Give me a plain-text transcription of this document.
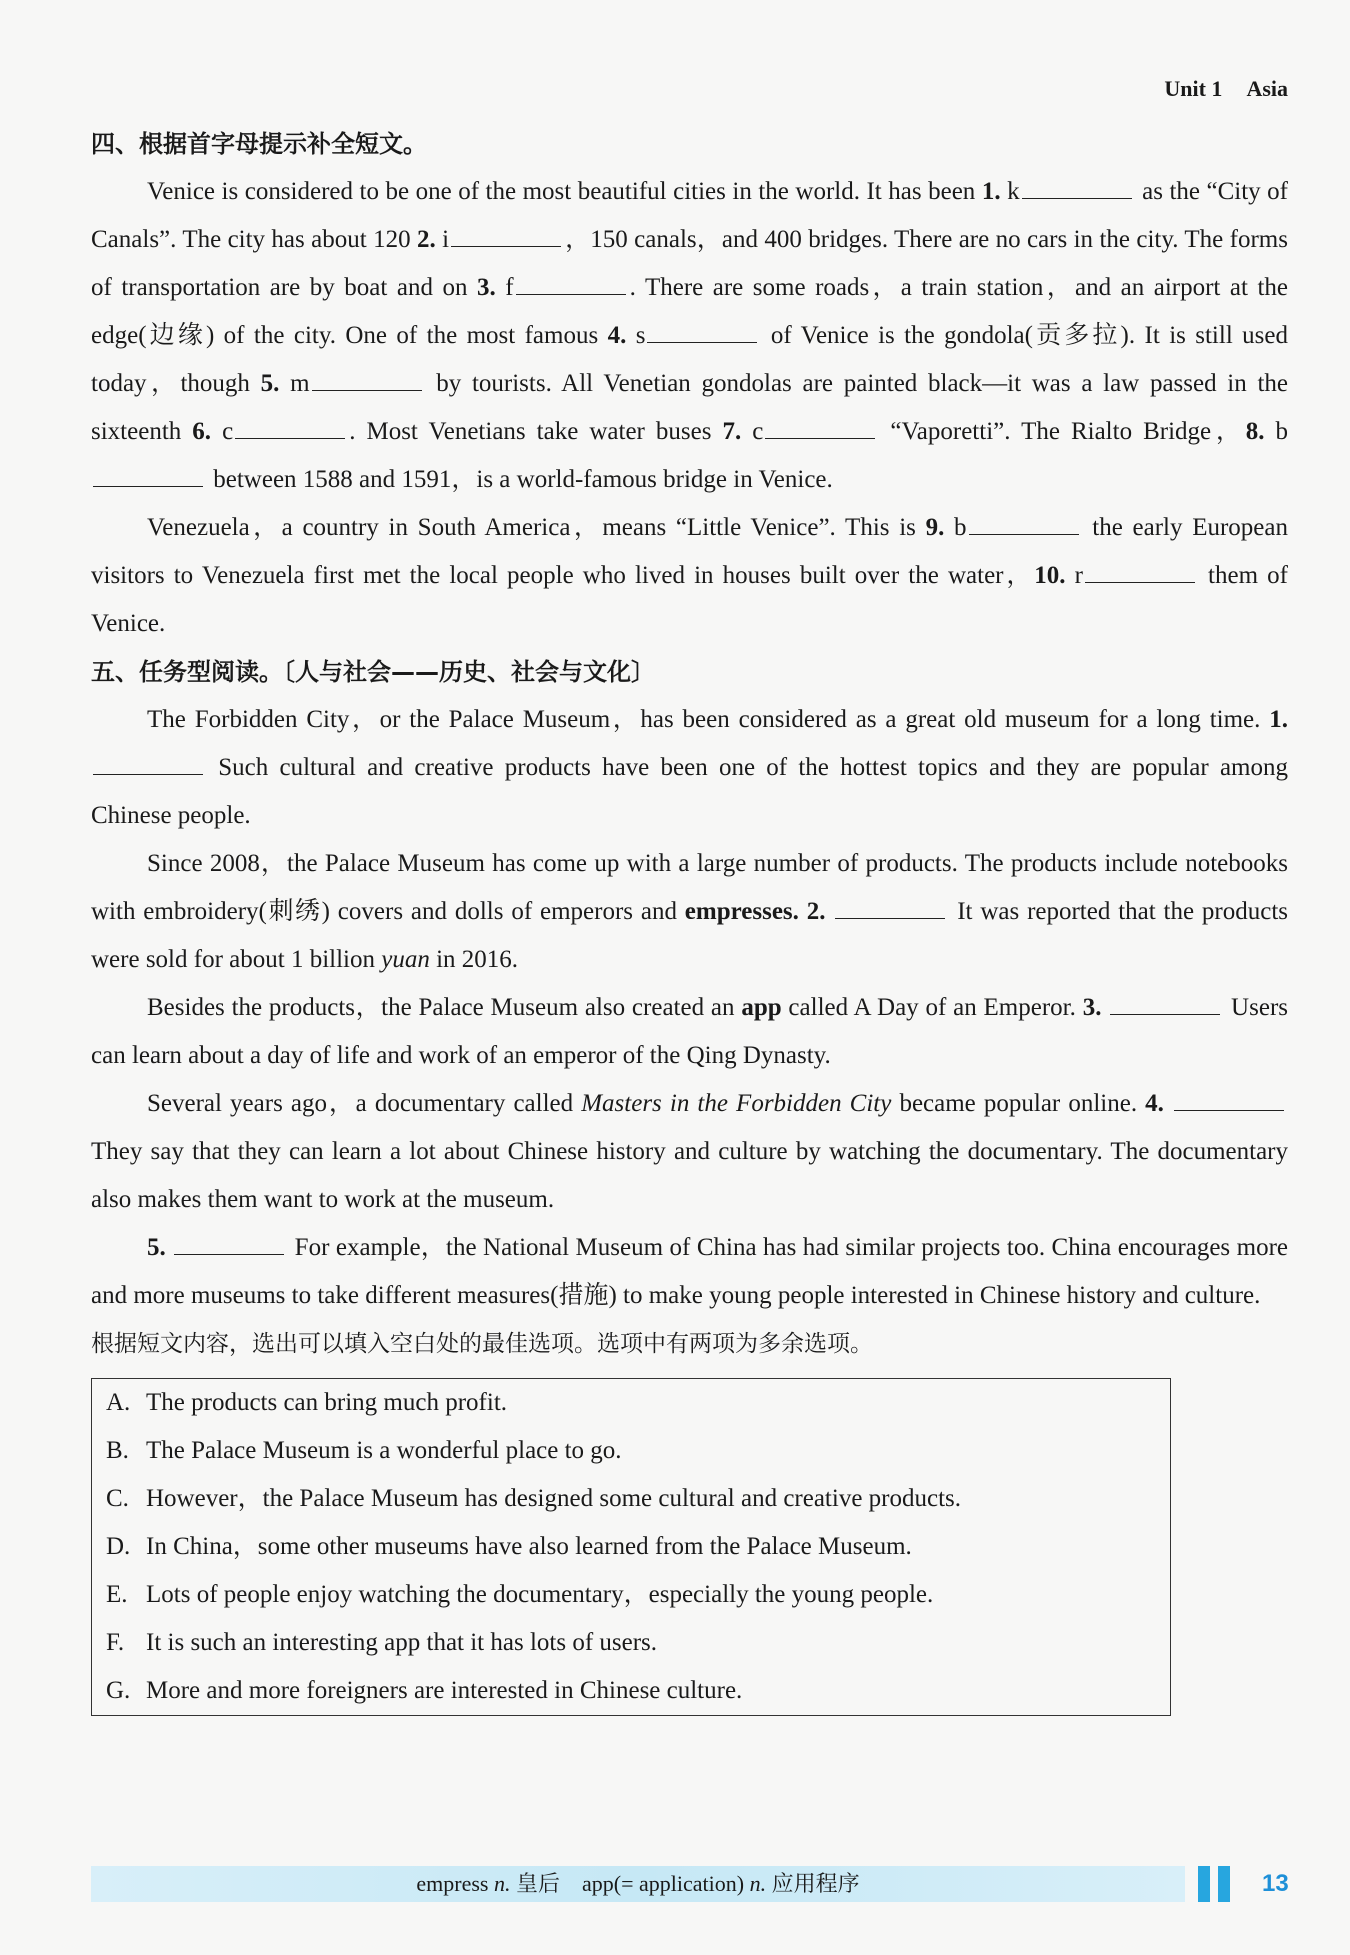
Unit 1 Asia
四、根据首字母提示补全短文。

Venice is considered to be one of the most beautiful cities in the world. It has been 1. k	as the “City of Canals”. The city has about 120 2. i	，150 canals，and 400 bridges. There are no cars in the city. The forms of transportation are by boat and on 3. f	. There are some roads，a train station，and an airport at the edge(边缘) of the city. One of the most famous 4. s	of Venice is the gondola(贡多拉). It is still used today，though 5. m	by tourists. All Venetian gondolas are painted black—it was a law passed in the sixteenth 6. c	. Most Venetians take water buses 7. c	“Vaporetti”. The Rialto Bridge，8. b between 1588 and 1591，is a world-famous bridge in Venice.

Venezuela，a country in South America，means “Little Venice”. This is 9. b	the early European visitors to Venezuela first met the local people who lived in houses built over the water，10. r	them of Venice.

五、任务型阅读。〔人与社会——历史、社会与文化〕

The Forbidden City，or the Palace Museum，has been considered as a great old museum for a long time. 1.  Such cultural and creative products have been one of the hottest topics and they are popular among Chinese people.

Since 2008，the Palace Museum has come up with a large number of products. The products include notebooks with embroidery(刺绣) covers and dolls of emperors and empresses. 2.	It was reported that the products were sold for about 1 billion yuan in 2016.

Besides the products，the Palace Museum also created an app called A Day of an Emperor. 3.	Users can learn about a day of life and work of an emperor of the Qing Dynasty.

Several years ago，a documentary called Masters in the Forbidden City became popular online. 4.  They say that they can learn a lot about Chinese history and culture by watching the documentary. The documentary also makes them want to work at the museum.

5.	For example，the National Museum of China has had similar projects too. China encourages more and more museums to take different measures(措施) to make young people interested in Chinese history and culture.

根据短文内容，选出可以填入空白处的最佳选项。选项中有两项为多余选项。
A. The products can bring much profit.
B. The Palace Museum is a wonderful place to go.
C. However，the Palace Museum has designed some cultural and creative products.
D. In China，some other museums have also learned from the Palace Museum.
E. Lots of people enjoy watching the documentary，especially the young people.
F. It is such an interesting app that it has lots of users.
G. More and more foreigners are interested in Chinese culture.
empress n. 皇后 app(= application) n. 应用程序	13
